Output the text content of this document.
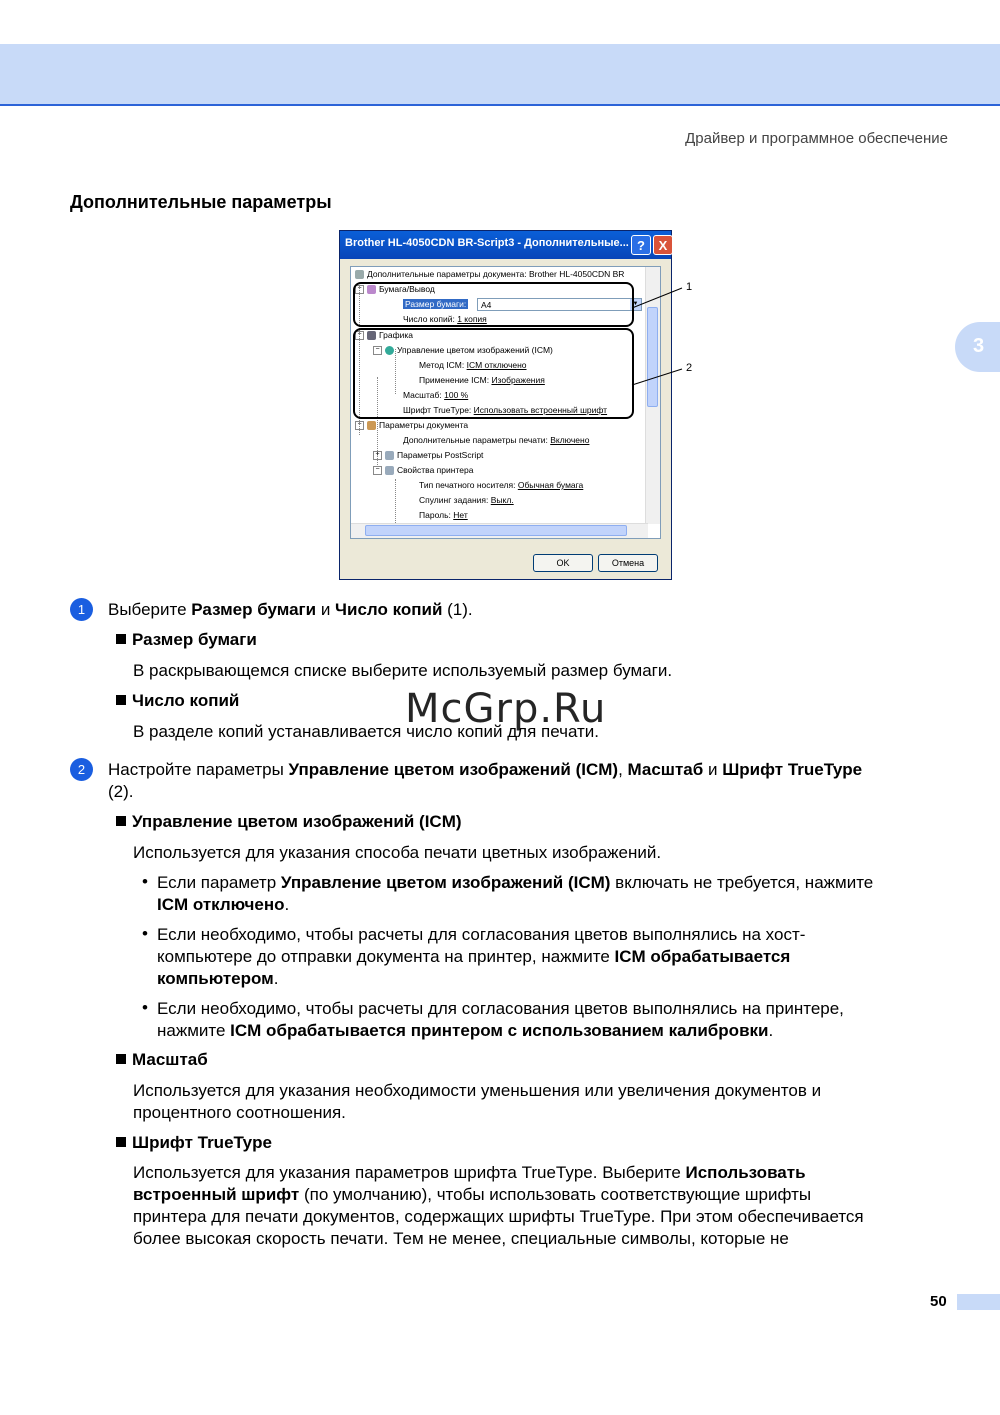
Драйвер и программное обеспечение
3
Дополнительные параметры
Brother HL-4050CDN BR-Script3 - Дополнительные... ?	X
Дополнительные параметры документа: Brother HL-4050CDN BR
− Бумага/Вывод
Размер бумаги:	A4	▼
Число копий: 1 копия
− Графика
− Управление цветом изображений (ICM)
Метод ICM: ICM отключено
Применение ICM: Изображения
Масштаб: 100 %
Шрифт TrueType: Использовать встроенный шрифт
− Параметры документа
Дополнительные параметры печати: Включено
+ Параметры PostScript
− Свойства принтера
Тип печатного носителя: Обычная бумага
Спулинг задания: Выкл.
Пароль: Нет
OK	Отмена
1
2
1	Выберите Размер бумаги и Число копий (1).
Размер бумаги
В раскрывающемся списке выберите используемый размер бумаги.
Число копий
В разделе копий устанавливается число копий для печати.
McGrp.Ru
2	Настройте параметры Управление цветом изображений (ICM), Масштаб и Шрифт TrueType
(2).
Управление цветом изображений (ICM)
Используется для указания способа печати цветных изображений.
• Если параметр Управление цветом изображений (ICM) включать не требуется, нажмите
ICM отключено.
• Если необходимо, чтобы расчеты для согласования цветов выполнялись на хост-
компьютере до отправки документа на принтер, нажмите ICM обрабатывается
компьютером.
• Если необходимо, чтобы расчеты для согласования цветов выполнялись на принтере,
нажмите ICM обрабатывается принтером с использованием калибровки.
Масштаб
Используется для указания необходимости уменьшения или увеличения документов и
процентного соотношения.
Шрифт TrueType
Используется для указания параметров шрифта TrueType. Выберите Использовать
встроенный шрифт (по умолчанию), чтобы использовать соответствующие шрифты
принтера для печати документов, содержащих шрифты TrueType. При этом обеспечивается
более высокая скорость печати. Тем не менее, специальные символы, которые не
50
